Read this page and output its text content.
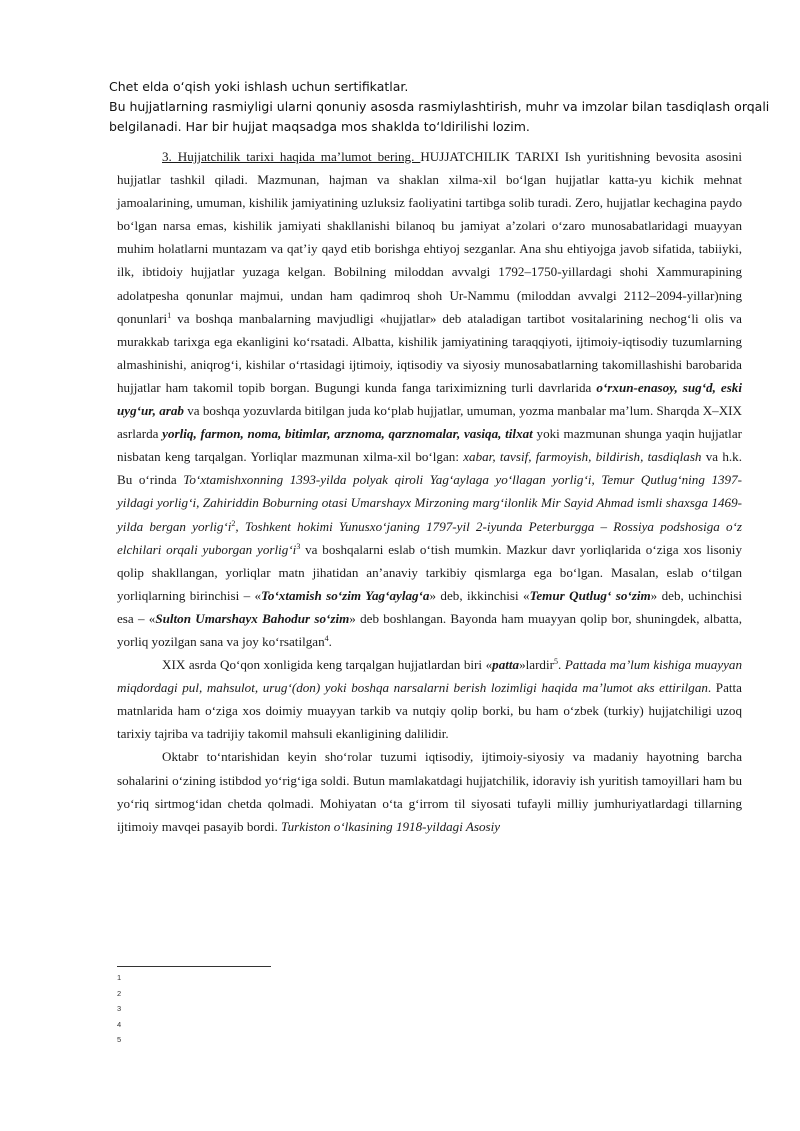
Chet elda o‘qish yoki ishlash uchun sertifikatlar.
Bu hujjatlarning rasmiyligi ularni qonuniy asosda rasmiylashtirish, muhr va imzolar bilan tasdiqlash orqali
belgilanadi. Har bir hujjat maqsadga mos shaklda to‘ldirilishi lozim.

3. Hujjatchilik tarixi haqida ma’lumot bering. HUJJATCHILIK TARIXI Ish yuritishning bevosita asosini hujjatlar tashkil qiladi. Mazmunan, hajman va shaklan xilma-xil bo‘lgan hujjatlar katta-yu kichik mehnat jamoalarining, umuman, kishilik jamiyatining uzluksiz faoliyatini tartibga solib turadi. Zero, hujjatlar kechagina paydo bo‘lgan narsa emas, kishilik jamiyati shakllanishi bilanoq bu jamiyat a’zolari o‘zaro munosabatlaridagi muayyan muhim holatlarni muntazam va qat’iy qayd etib borishga ehtiyoj sezganlar. Ana shu ehtiyojga javob sifatida, tabiiyki, ilk, ibtidoiy hujjatlar yuzaga kelgan. Bobilning miloddan avvalgi 1792–1750-yillardagi shohi Xammurapining adolatpesha qonunlar majmui, undan ham qadimroq shoh Ur-Nammu (miloddan avvalgi 2112–2094-yillar)ning qonunlari$^1$ va boshqa manbalarning mavjudligi «hujjatlar» deb ataladigan tartibot vositalarining nechog‘li olis va murakkab tarixga ega ekanligini ko‘rsatadi. Albatta, kishilik jamiyatining taraqqiyoti, ijtimoiy-iqtisodiy tuzumlarning almashinishi, aniqrog‘i, kishilar o‘rtasidagi ijtimoiy, iqtisodiy va siyosiy munosabatlarning takomillashishi barobarida hujjatlar ham takomil topib borgan. Bugungi kunda fanga tariximizning turli davrlarida o‘rxun-enasoy, sug‘d, eski uyg‘ur, arab va boshqa yozuvlarda bitilgan juda ko‘plab hujjatlar, umuman, yozma manbalar ma’lum. Sharqda X–XIX asrlarda yorliq, farmon, noma, bitimlar, arznoma, qarznomalar, vasiqa, tilxat yoki mazmunan shunga yaqin hujjatlar nisbatan keng tarqalgan. Yorliqlar mazmunan xilma-xil bo‘lgan: xabar, tavsif, farmoyish, bildirish, tasdiqlash va h.k. Bu o‘rinda To‘xtamishxonning 1393-yilda polyak qiroli Yag‘aylaga yo‘llagan yorlig‘i, Temur Qutlug‘ning 1397-yildagi yorlig‘i, Zahiriddin Boburning otasi Umarshayx Mirzoning marg‘ilonlik Mir Sayid Ahmad ismli shaxsga 1469-yilda bergan $yorlig‘i^2$, Toshkent hokimi Yunusxo‘janing 1797-yil 2-iyunda Peterburgga – Rossiya podshosiga o‘z elchilari orqali yuborgan $yorlig‘i^3$ va boshqalarni eslab o‘tish mumkin. Mazkur davr yorliqlarida o‘ziga xos lisoniy qolip shakllangan, yorliqlar matn jihatidan an’anaviy tarkibiy qismlarga ega bo‘lgan. Masalan, eslab o‘tilgan yorliqlarning birinchisi – «To‘xtamish so‘zim Yag‘aylag‘a» deb, ikkinchisi «Temur Qutlug‘ so‘zim» deb, uchinchisi esa – «Sulton Umarshayx Bahodur so‘zim» deb boshlangan. Bayonda ham muayyan qolip bor, shuningdek, albatta, yorliq yozilgan sana va joy ko‘rsatilgan$^4$.

XIX asrda Qo‘qon xonligida keng tarqalgan hujjatlardan biri «patta»lardir$^5$. Pattada ma’lum kishiga muayyan miqdordagi pul, mahsulot, urug‘(don) yoki boshqa narsalarni berish lozimligi haqida ma’lumot aks ettirilgan. Patta matnlarida ham o‘ziga xos doimiy muayyan tarkib va nutqiy qolip borki, bu ham o‘zbek (turkiy) hujjatchiligi uzoq tarixiy tajriba va tadrijiy takomil mahsuli ekanligining dalilidir.

Oktabr to‘ntarishidan keyin sho‘rolar tuzumi iqtisodiy, ijtimoiy-siyosiy va madaniy hayotning barcha sohalarini o‘zining istibdod yo‘rig‘iga soldi. Butun mamlakatdagi hujjatchilik, idoraviy ish yuritish tamoyillari ham bu yo‘riq sirtmog‘idan chetda qolmadi. Mohiyatan o‘ta g‘irrom til siyosati tufayli milliy jumhuriyatlardagi tillarning ijtimoiy mavqei pasayib bordi. Turkiston o‘lkasining 1918-yildagi Asosiy

1
2
3
4
5
